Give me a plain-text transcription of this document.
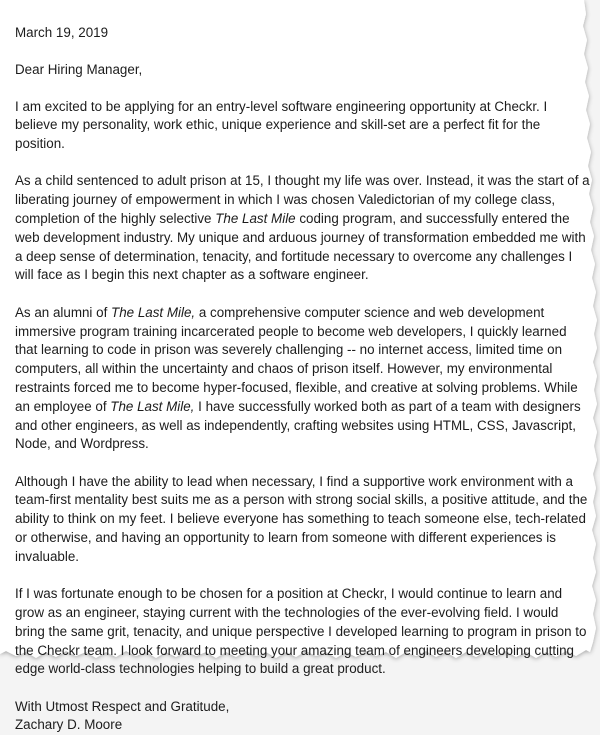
March 19, 2019

Dear Hiring Manager,

I am excited to be applying for an entry-level software engineering opportunity at Checkr. I believe my personality, work ethic, unique experience and skill-set are a perfect fit for the position.

As a child sentenced to adult prison at 15, I thought my life was over. Instead, it was the start of a liberating journey of empowerment in which I was chosen Valedictorian of my college class, completion of the highly selective The Last Mile coding program, and successfully entered the web development industry. My unique and arduous journey of transformation embedded me with a deep sense of determination, tenacity, and fortitude necessary to overcome any challenges I will face as I begin this next chapter as a software engineer.

As an alumni of The Last Mile, a comprehensive computer science and web development immersive program training incarcerated people to become web developers, I quickly learned that learning to code in prison was severely challenging -- no internet access, limited time on computers, all within the uncertainty and chaos of prison itself. However, my environmental restraints forced me to become hyper-focused, flexible, and creative at solving problems. While an employee of The Last Mile, I have successfully worked both as part of a team with designers and other engineers, as well as independently, crafting websites using HTML, CSS, Javascript, Node, and Wordpress.

Although I have the ability to lead when necessary, I find a supportive work environment with a team-first mentality best suits me as a person with strong social skills, a positive attitude, and the ability to think on my feet. I believe everyone has something to teach someone else, tech-related or otherwise, and having an opportunity to learn from someone with different experiences is invaluable.

If I was fortunate enough to be chosen for a position at Checkr, I would continue to learn and grow as an engineer, staying current with the technologies of the ever-evolving field. I would bring the same grit, tenacity, and unique perspective I developed learning to program in prison to the Checkr team. I look forward to meeting your amazing team of engineers developing cutting edge world-class technologies helping to build a great product.

With Utmost Respect and Gratitude,

Zachary D. Moore
